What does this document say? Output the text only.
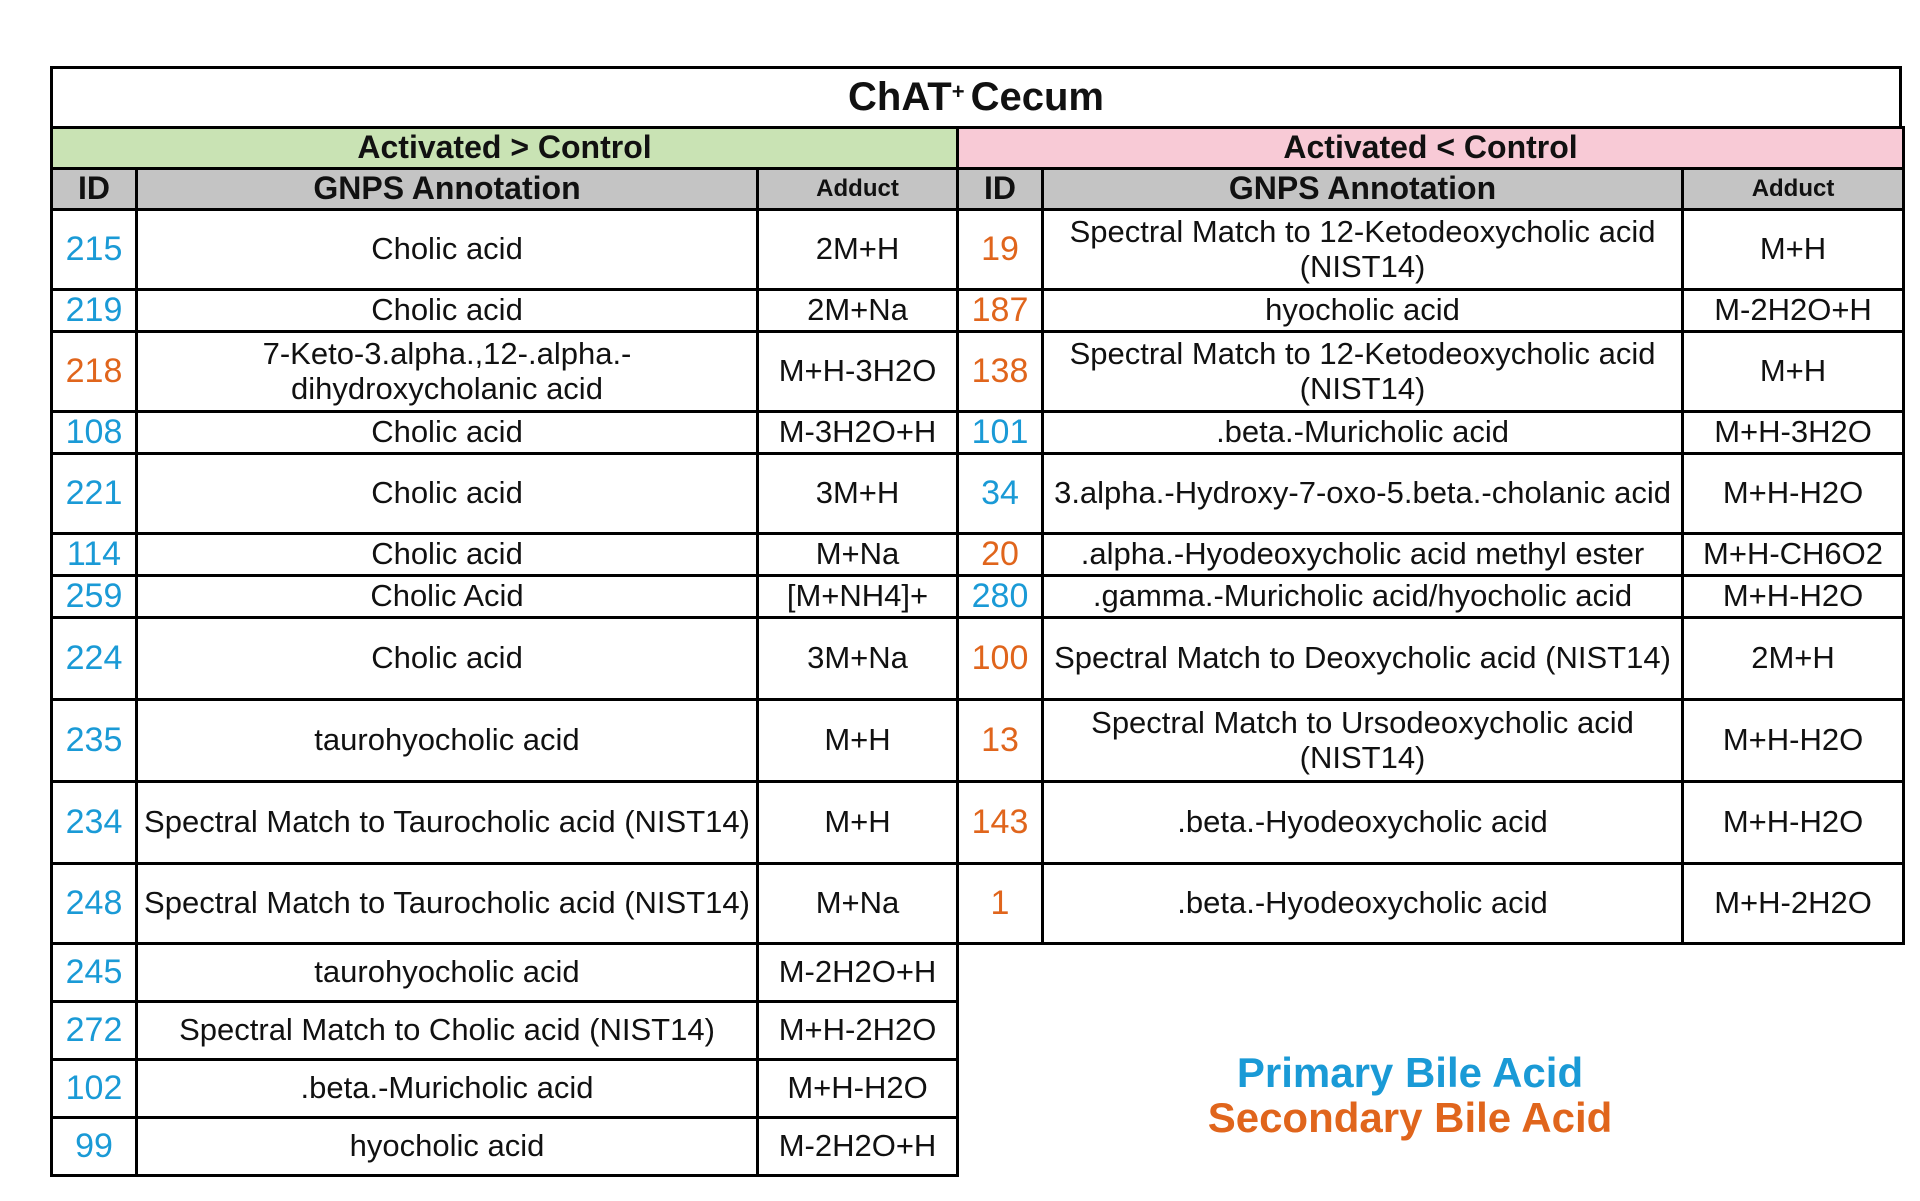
ChAT+ Cecum
Activated > Control		
ID	GNPS Annotation	Adduct
215	Cholic acid	2M+H
219	Cholic acid	2M+Na
218	7-Keto-3.alpha.,12-.alpha.-dihydroxycholanic acid	M+H-3H2O
108	Cholic acid	M-3H2O+H
221	Cholic acid	3M+H
114	Cholic acid	M+Na
259	Cholic Acid	[M+NH4]+
224	Cholic acid	3M+Na
235	taurohyocholic acid	M+H
234	Spectral Match to Taurocholic acid (NIST14)	M+H
248	Spectral Match to Taurocholic acid (NIST14)	M+Na
245	taurohyocholic acid	M-2H2O+H
272	Spectral Match to Cholic acid (NIST14)	M+H-2H2O
102	.beta.-Muricholic acid	M+H-H2O
99	hyocholic acid	M-2H2O+H
Activated < Control		
ID	GNPS Annotation	Adduct
19	Spectral Match to 12-Ketodeoxycholic acid (NIST14)	M+H
187	hyocholic acid	M-2H2O+H
138	Spectral Match to 12-Ketodeoxycholic acid (NIST14)	M+H
101	.beta.-Muricholic acid	M+H-3H2O
34	3.alpha.-Hydroxy-7-oxo-5.beta.-cholanic acid	M+H-H2O
20	.alpha.-Hyodeoxycholic acid methyl ester	M+H-CH6O2
280	.gamma.-Muricholic acid/hyocholic acid	M+H-H2O
100	Spectral Match to Deoxycholic acid (NIST14)	2M+H
13	Spectral Match to Ursodeoxycholic acid (NIST14)	M+H-H2O
143	.beta.-Hyodeoxycholic acid	M+H-H2O
1	.beta.-Hyodeoxycholic acid	M+H-2H2O
Primary Bile Acid
Secondary Bile Acid
